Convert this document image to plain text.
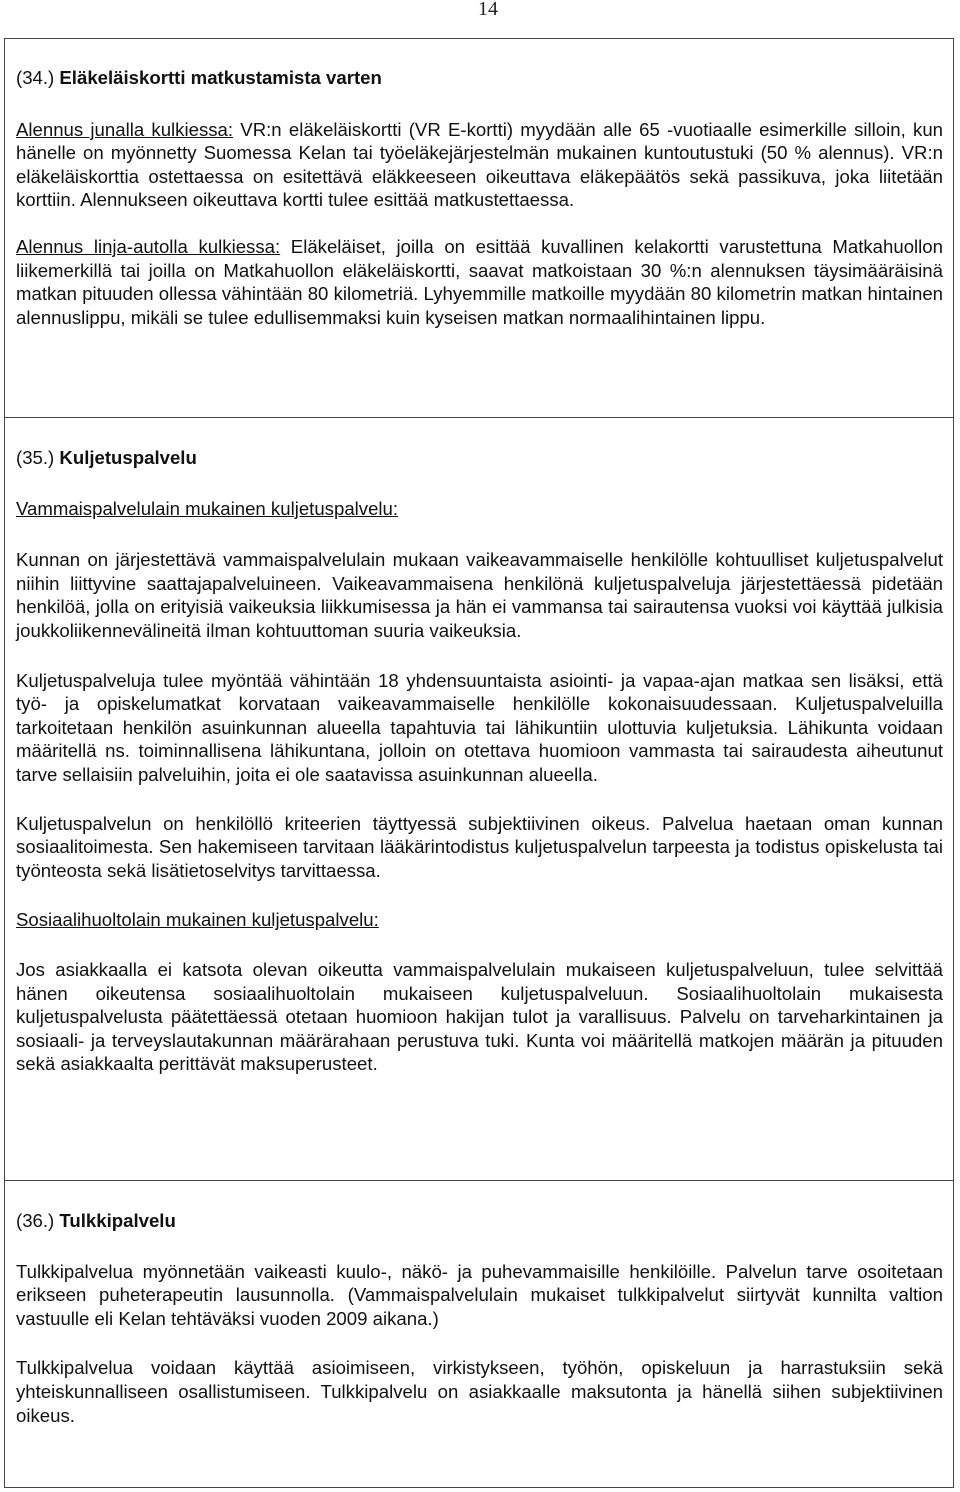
14
(34.) Eläkeläiskortti matkustamista varten

Alennus junalla kulkiessa: VR:n eläkeläiskortti (VR E-kortti) myydään alle 65 -vuotiaalle esimerkille silloin, kun hänelle on myönnetty Suomessa Kelan tai työeläkejärjestelmän mukainen kuntoutustuki (50 % alennus). VR:n eläkeläiskorttia ostettaessa on esitettävä eläkkeeseen oikeuttava eläkepäätös sekä passikuva, joka liitetään korttiin. Alennukseen oikeuttava kortti tulee esittää matkustettaessa.

Alennus linja-autolla kulkiessa: Eläkeläiset, joilla on esittää kuvallinen kelakortti varustettuna Matkahuollon liikemerkillä tai joilla on Matkahuollon eläkeläiskortti, saavat matkoistaan 30 %:n alennuksen täysimääräisinä matkan pituuden ollessa vähintään 80 kilometriä. Lyhyemmille matkoille myydään 80 kilometrin matkan hintainen alennuslippu, mikäli se tulee edullisemmaksi kuin kyseisen matkan normaalihintainen lippu.

(35.) Kuljetuspalvelu
Vammaispalvelulain mukainen kuljetuspalvelu:

Kunnan on järjestettävä vammaispalvelulain mukaan vaikeavammaiselle henkilölle kohtuulliset kuljetuspalvelut niihin liittyvine saattajapalveluineen. Vaikeavammaisena henkilönä kuljetuspalveluja järjestettäessä pidetään henkilöä, jolla on erityisiä vaikeuksia liikkumisessa ja hän ei vammansa tai sairautensa vuoksi voi käyttää julkisia joukkoliikennevälineitä ilman kohtuuttoman suuria vaikeuksia.

Kuljetuspalveluja tulee myöntää vähintään 18 yhdensuuntaista asiointi- ja vapaa-ajan matkaa sen lisäksi, että työ- ja opiskelumatkat korvataan vaikeavammaiselle henkilölle kokonaisuudessaan. Kuljetuspalveluilla tarkoitetaan henkilön asuinkunnan alueella tapahtuvia tai lähikuntiin ulottuvia kuljetuksia. Lähikunta voidaan määritellä ns. toiminnallisena lähikuntana, jolloin on otettava huomioon vammasta tai sairaudesta aiheutunut tarve sellaisiin palveluihin, joita ei ole saatavissa asuinkunnan alueella.

Kuljetuspalvelun on henkilöllö kriteerien täyttyessä subjektiivinen oikeus. Palvelua haetaan oman kunnan sosiaalitoimesta. Sen hakemiseen tarvitaan lääkärintodistus kuljetuspalvelun tarpeesta ja todistus opiskelusta tai työnteosta sekä lisätietoselvitys tarvittaessa.

Sosiaalihuoltolain mukainen kuljetuspalvelu:

Jos asiakkaalla ei katsota olevan oikeutta vammaispalvelulain mukaiseen kuljetuspalveluun, tulee selvittää hänen oikeutensa sosiaalihuoltolain mukaiseen kuljetuspalveluun. Sosiaalihuoltolain mukaisesta kuljetuspalvelusta päätettäessä otetaan huomioon hakijan tulot ja varallisuus. Palvelu on tarveharkintainen ja sosiaali- ja terveyslautakunnan määrärahaan perustuva tuki. Kunta voi määritellä matkojen määrän ja pituuden sekä asiakkaalta perittävät maksuperusteet.

(36.) Tulkkipalvelu

Tulkkipalvelua myönnetään vaikeasti kuulo-, näkö- ja puhevammaisille henkilöille. Palvelun tarve osoitetaan erikseen puheterapeutin lausunnolla. (Vammaispalvelulain mukaiset tulkkipalvelut siirtyvät kunnilta valtion vastuulle eli Kelan tehtäväksi vuoden 2009 aikana.)

Tulkkipalvelua voidaan käyttää asioimiseen, virkistykseen, työhön, opiskeluun ja harrastuksiin sekä yhteiskunnalliseen osallistumiseen. Tulkkipalvelu on asiakkaalle maksutonta ja hänellä siihen subjektiivinen oikeus.
